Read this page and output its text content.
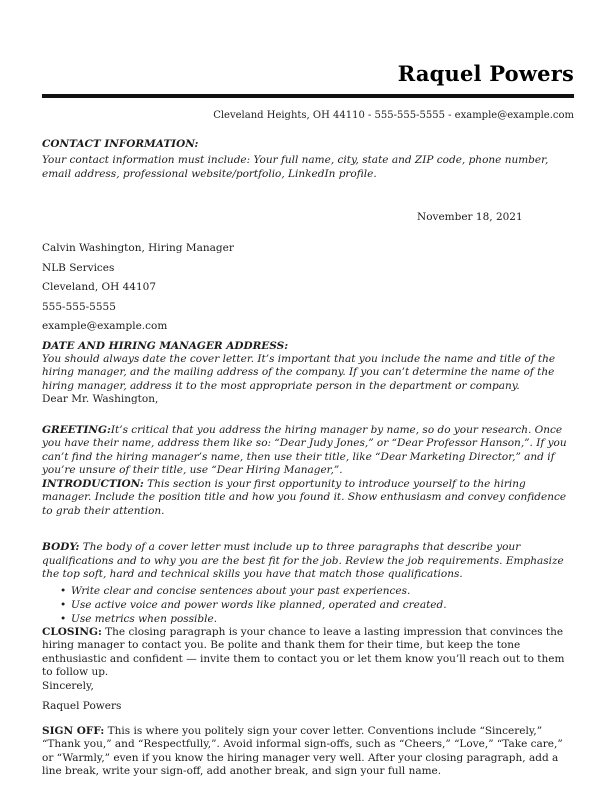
Raquel Powers
Cleveland Heights, OH 44110 - 555-555-5555 - example@example.com
CONTACT INFORMATION:

Your contact information must include: Your full name, city, state and ZIP code, phone number, email address, professional website/portfolio, LinkedIn profile.

November 18, 2021
Calvin Washington, Hiring Manager
NLB Services
Cleveland, OH 44107
555-555-5555
example@example.com
DATE AND HIRING MANAGER ADDRESS:

You should always date the cover letter. It’s important that you include the name and title of the hiring manager, and the mailing address of the company. If you can’t determine the name of the hiring manager, address it to the most appropriate person in the department or company.

Dear Mr. Washington,

GREETING:It’s critical that you address the hiring manager by name, so do your research. Once you have their name, address them like so: “Dear Judy Jones,” or “Dear Professor Hanson,”. If you can’t find the hiring manager’s name, then use their title, like “Dear Marketing Director,” and if you’re unsure of their title, use “Dear Hiring Manager,”.

INTRODUCTION: This section is your first opportunity to introduce yourself to the hiring manager. Include the position title and how you found it. Show enthusiasm and convey confidence to grab their attention.

BODY: The body of a cover letter must include up to three paragraphs that describe your qualifications and to why you are the best fit for the job. Review the job requirements. Emphasize the top soft, hard and technical skills you have that match those qualifications.

• Write clear and concise sentences about your past experiences.
• Use active voice and power words like planned, operated and created.
• Use metrics when possible.

CLOSING: The closing paragraph is your chance to leave a lasting impression that convinces the hiring manager to contact you. Be polite and thank them for their time, but keep the tone enthusiastic and confident — invite them to contact you or let them know you’ll reach out to them to follow up.

Sincerely,

Raquel Powers

SIGN OFF: This is where you politely sign your cover letter. Conventions include “Sincerely,” “Thank you,” and “Respectfully,”. Avoid informal sign-offs, such as “Cheers,” “Love,” “Take care,” or “Warmly,” even if you know the hiring manager very well. After your closing paragraph, add a line break, write your sign-off, add another break, and sign your full name.
